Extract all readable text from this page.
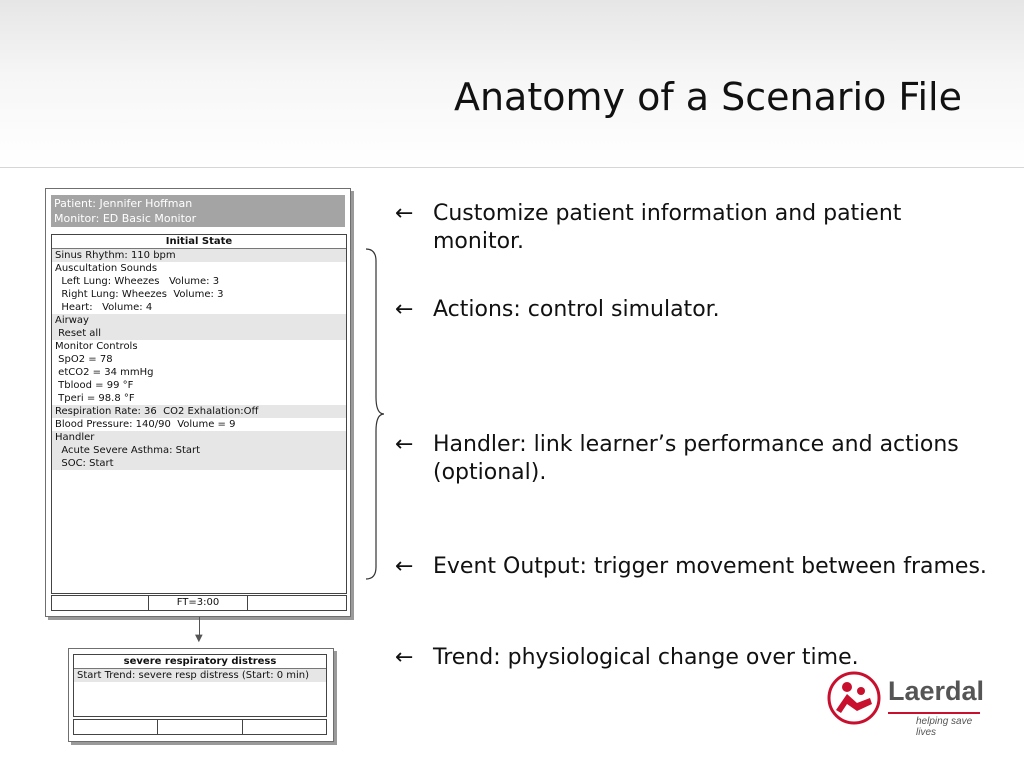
Anatomy of a Scenario File
Patient: Jennifer Hoffman
Monitor: ED Basic Monitor
Initial State
Sinus Rhythm: 110 bpm
Auscultation Sounds
Left Lung: Wheezes   Volume: 3
Right Lung: Wheezes  Volume: 3
Heart:   Volume: 4
Airway
Reset all
Monitor Controls
SpO2 = 78
etCO2 = 34 mmHg
Tblood = 99 °F
Tperi = 98.8 °F
Respiration Rate: 36  CO2 Exhalation:Off
Blood Pressure: 140/90  Volume = 9
Handler
Acute Severe Asthma: Start
SOC: Start
FT=3:00
▼
severe respiratory distress
Start Trend: severe resp distress (Start: 0 min)
← Customize patient information and patient monitor.
← Actions: control simulator.
← Handler: link learner’s performance and actions (optional).
← Event Output: trigger movement between frames.
← Trend: physiological change over time.
Laerdal
helping save lives
